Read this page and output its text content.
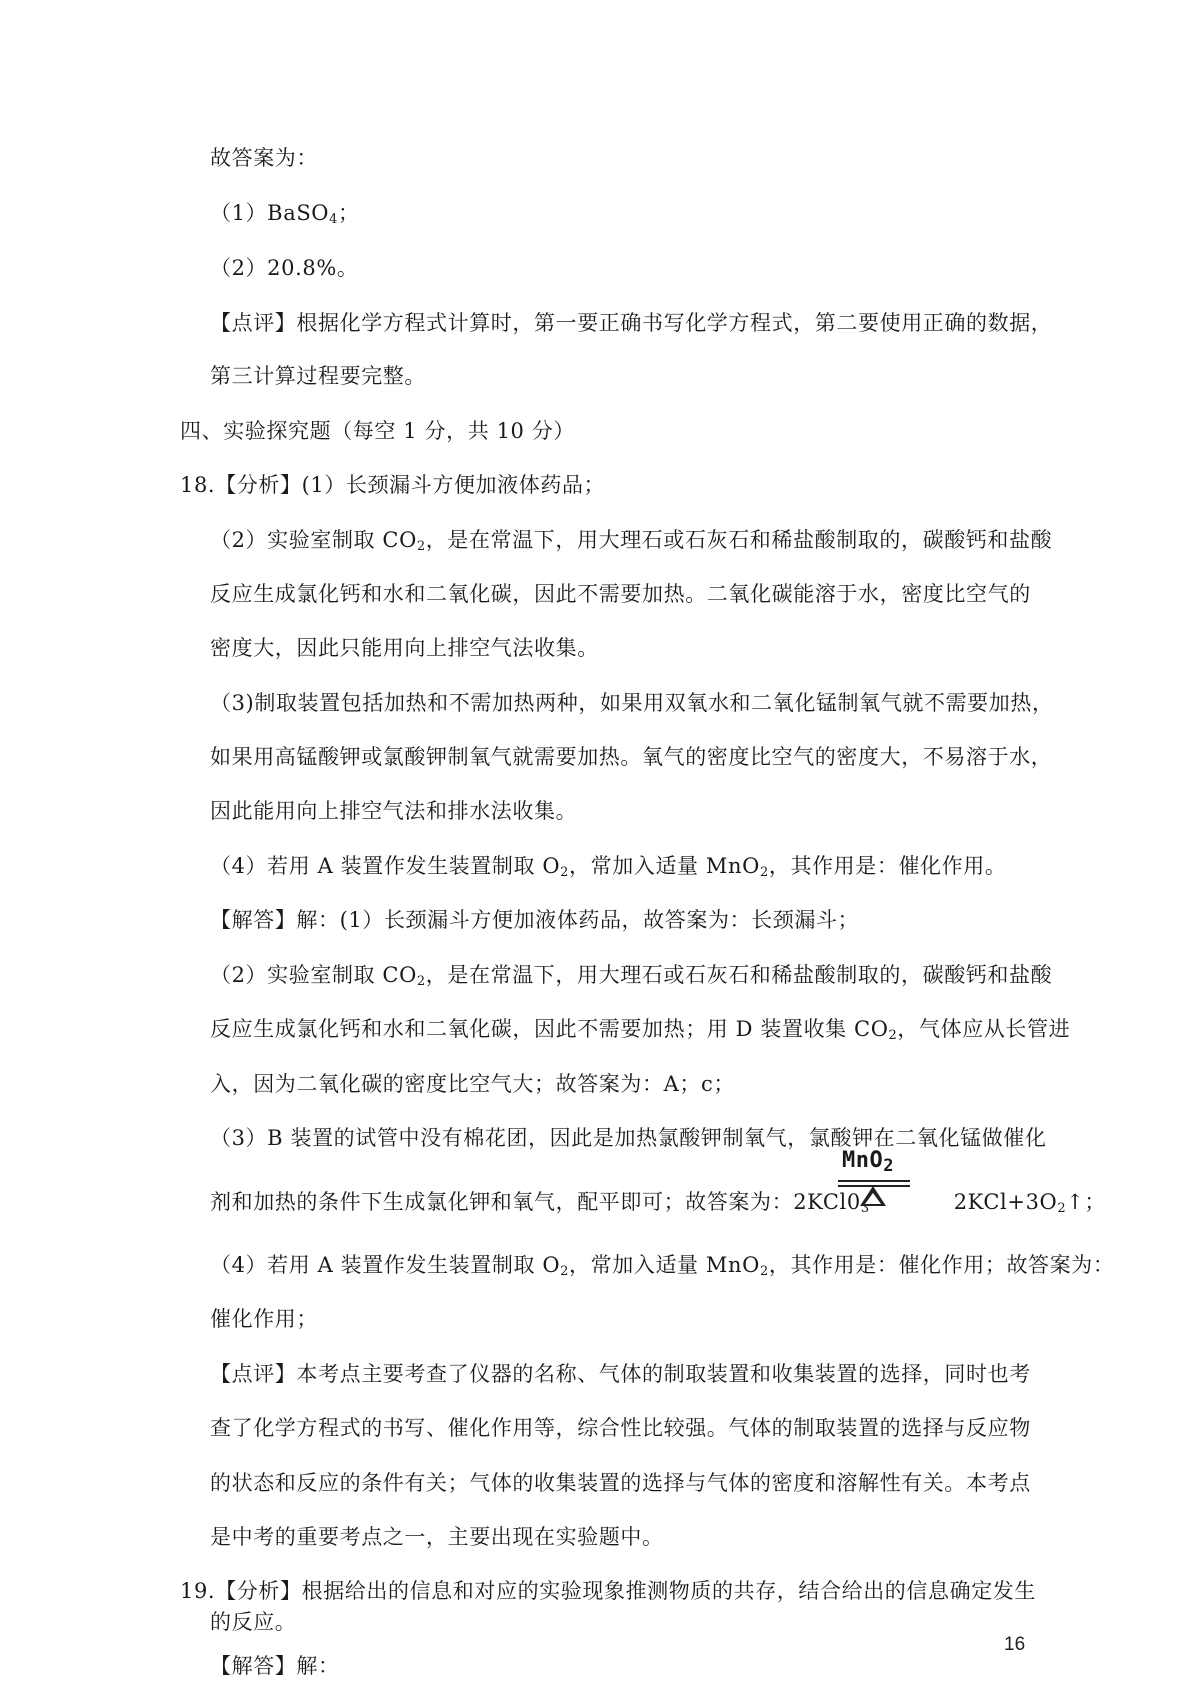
故答案为：
（1）BaSO$_4$；
（2）20.8%。
【点评】根据化学方程式计算时，第一要正确书写化学方程式，第二要使用正确的数据，
第三计算过程要完整。
四、实验探究题（每空 1 分，共 10 分）
18.【分析】(1）长颈漏斗方便加液体药品；
（2）实验室制取 $CO_2$，是在常温下，用大理石或石灰石和稀盐酸制取的，碳酸钙和盐酸
反应生成氯化钙和水和二氧化碳，因此不需要加热。二氧化碳能溶于水，密度比空气的
密度大，因此只能用向上排空气法收集。
（3)制取装置包括加热和不需加热两种，如果用双氧水和二氧化锰制氧气就不需要加热，
如果用高锰酸钾或氯酸钾制氧气就需要加热。氧气的密度比空气的密度大，不易溶于水，
因此能用向上排空气法和排水法收集。
（4）若用 A 装置作发生装置制取 $O_2$，常加入适量 MnO$_2$，其作用是：催化作用。
【解答】解：(1）长颈漏斗方便加液体药品，故答案为：长颈漏斗；
（2）实验室制取 $CO_2$，是在常温下，用大理石或石灰石和稀盐酸制取的，碳酸钙和盐酸
反应生成氯化钙和水和二氧化碳，因此不需要加热；用 D 装置收集 $CO_2$，气体应从长管进
入，因为二氧化碳的密度比空气大；故答案为：A；c；
（3）B 装置的试管中没有棉花团，因此是加热氯酸钾制氧气，氯酸钾在二氧化锰做催化
剂和加热的条件下生成氯化钾和氧气，配平即可；故答案为：$2KCl0_3$	$2KCl+3O_2↑$；
MnO2
（4）若用 A 装置作发生装置制取 $O_2$，常加入适量 MnO$_2$，其作用是：催化作用；故答案为：
催化作用；
【点评】本考点主要考查了仪器的名称、气体的制取装置和收集装置的选择，同时也考
查了化学方程式的书写、催化作用等，综合性比较强。气体的制取装置的选择与反应物
的状态和反应的条件有关；气体的收集装置的选择与气体的密度和溶解性有关。本考点
是中考的重要考点之一，主要出现在实验题中。
19.【分析】根据给出的信息和对应的实验现象推测物质的共存，结合给出的信息确定发生
的反应。
【解答】解：
16
